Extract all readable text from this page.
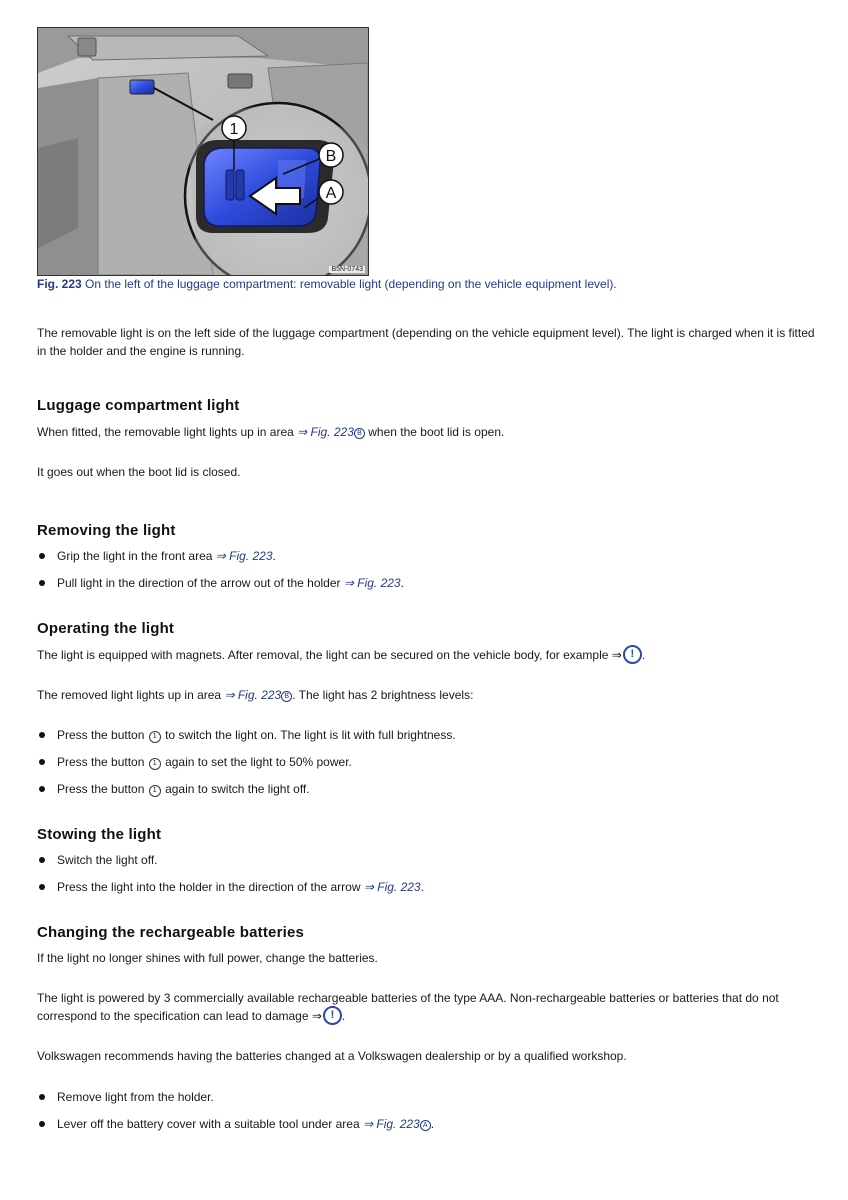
1
B
A
B5N-0743
Fig. 223 On the left of the luggage compartment: removable light (depending on the vehicle equipment level).
The removable light is on the left side of the luggage compartment (depending on the vehicle equipment level). The light is charged when it is fitted in the holder and the engine is running.
Luggage compartment light
When fitted, the removable light lights up in area ⇒ Fig. 223 B when the boot lid is open.
It goes out when the boot lid is closed.
Removing the light
Grip the light in the front area ⇒ Fig. 223.
Pull light in the direction of the arrow out of the holder ⇒ Fig. 223.
Operating the light
The light is equipped with magnets. After removal, the light can be secured on the vehicle body, for example ⇒ ! .
The removed light lights up in area ⇒ Fig. 223 B . The light has 2 brightness levels:
Press the button 1 to switch the light on. The light is lit with full brightness.
Press the button 1 again to set the light to 50% power.
Press the button 1 again to switch the light off.
Stowing the light
Switch the light off.
Press the light into the holder in the direction of the arrow ⇒ Fig. 223.
Changing the rechargeable batteries
If the light no longer shines with full power, change the batteries.
The light is powered by 3 commercially available rechargeable batteries of the type AAA. Non-rechargeable batteries or batteries that do not
correspond to the specification can lead to damage ⇒ ! .
Volkswagen recommends having the batteries changed at a Volkswagen dealership or by a qualified workshop.
Remove light from the holder.
Lever off the battery cover with a suitable tool under area ⇒ Fig. 223 A .
